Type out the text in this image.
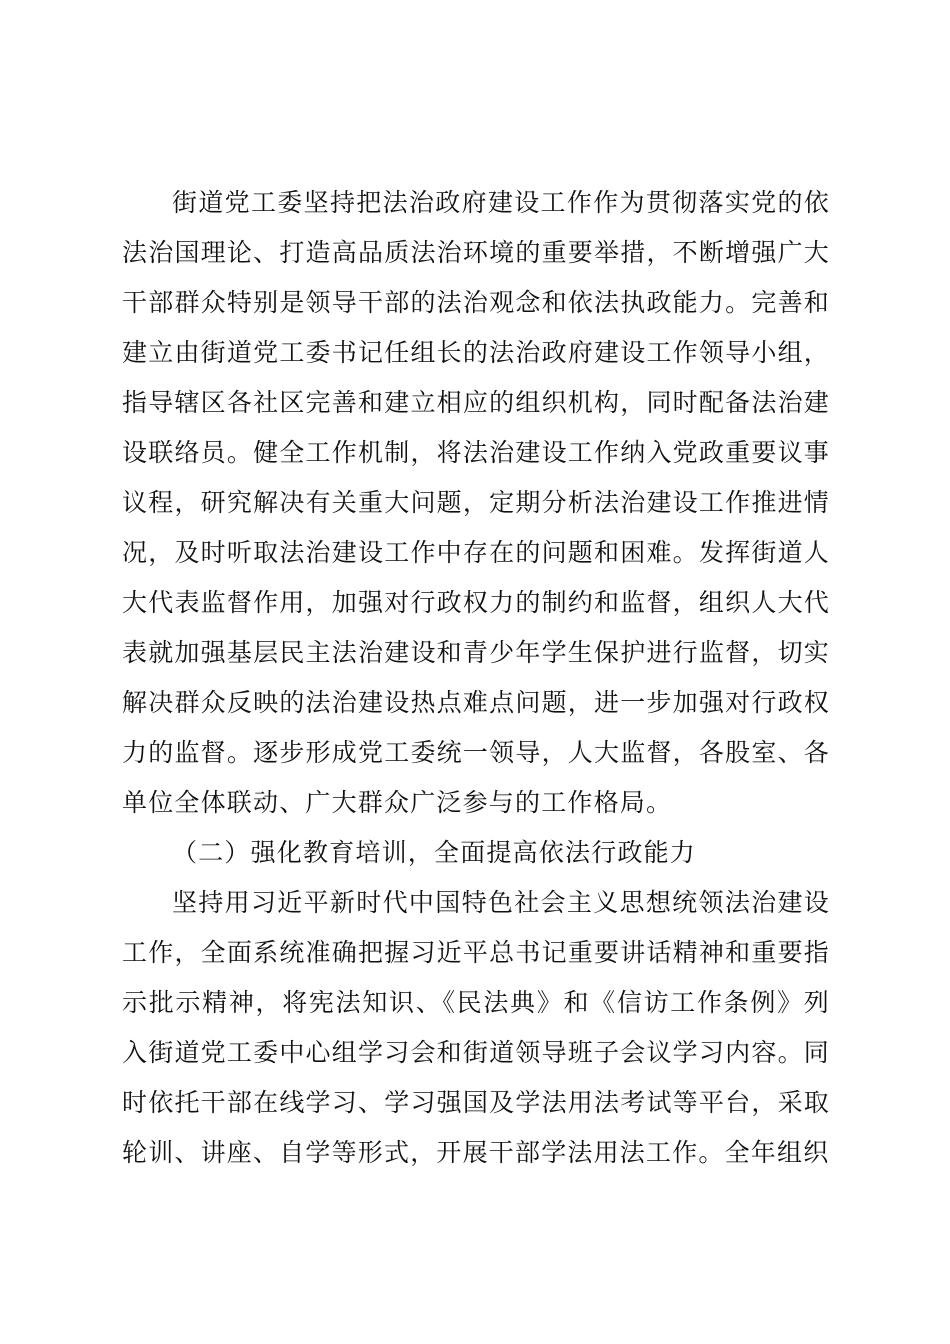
街道党工委坚持把法治政府建设工作作为贯彻落实党的依法治国理论、打造高品质法治环境的重要举措，不断增强广大干部群众特别是领导干部的法治观念和依法执政能力。完善和建立由街道党工委书记任组长的法治政府建设工作领导小组，指导辖区各社区完善和建立相应的组织机构，同时配备法治建设联络员。健全工作机制，将法治建设工作纳入党政重要议事议程，研究解决有关重大问题，定期分析法治建设工作推进情况，及时听取法治建设工作中存在的问题和困难。发挥街道人大代表监督作用，加强对行政权力的制约和监督，组织人大代表就加强基层民主法治建设和青少年学生保护进行监督，切实解决群众反映的法治建设热点难点问题，进一步加强对行政权力的监督。逐步形成党工委统一领导，人大监督，各股室、各单位全体联动、广大群众广泛参与的工作格局。

（二）强化教育培训，全面提高依法行政能力

坚持用习近平新时代中国特色社会主义思想统领法治建设工作，全面系统准确把握习近平总书记重要讲话精神和重要指示批示精神，将宪法知识、《民法典》和《信访工作条例》列入街道党工委中心组学习会和街道领导班子会议学习内容。同时依托干部在线学习、学习强国及学法用法考试等平台，采取轮训、讲座、自学等形式，开展干部学法用法工作。全年组织
